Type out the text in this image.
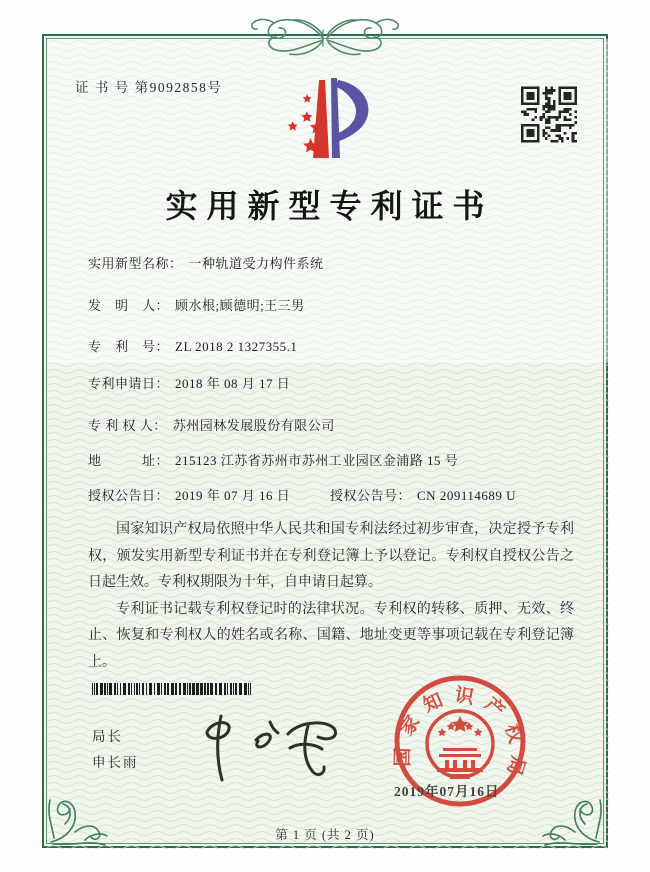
证 书 号 第9092858号
实用新型专利证书
实用新型名称： 一种轨道受力构件系统
发　明　人： 顾水根;顾德明;王三男
专　利　号： ZL 2018 2 1327355.1
专利申请日： 2018 年 08 月 17 日
专 利 权 人： 苏州园林发展股份有限公司
地　　　址： 215123 江苏省苏州市苏州工业园区金浦路 15 号
授权公告日： 2019 年 07 月 16 日	授权公告号： CN 209114689 U

国家知识产权局依照中华人民共和国专利法经过初步审查，决定授予专利权，颁发实用新型专利证书并在专利登记簿上予以登记。专利权自授权公告之日起生效。专利权期限为十年，自申请日起算。

专利证书记载专利权登记时的法律状况。专利权的转移、质押、无效、终止、恢复和专利权人的姓名或名称、国籍、地址变更等事项记载在专利登记簿上。

局长
申长雨	国家知识产权局
2019年07月16日
第 1 页 (共 2 页)
